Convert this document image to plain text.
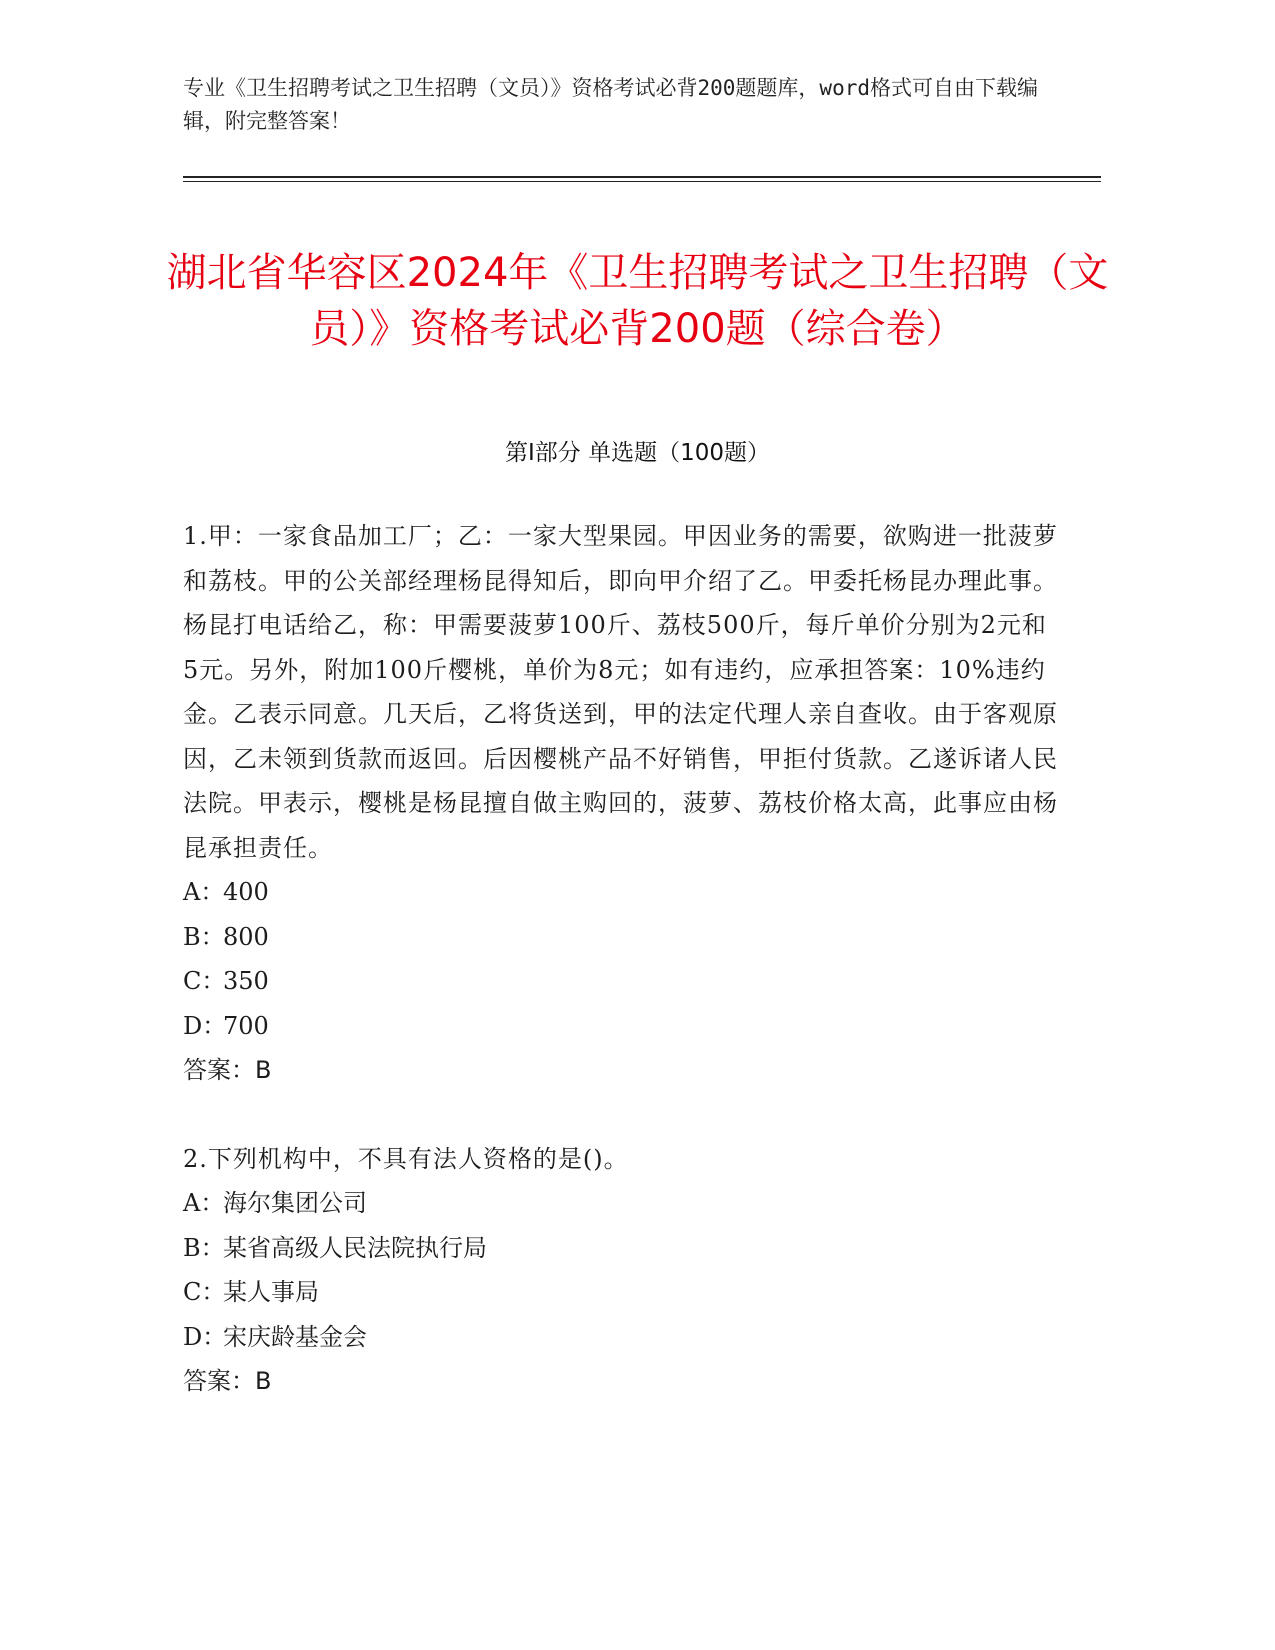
专业《卫生招聘考试之卫生招聘（文员）》资格考试必背200题题库，word格式可自由下载编辑，附完整答案！
湖北省华容区2024年《卫生招聘考试之卫生招聘（文员）》资格考试必背200题（综合卷）
第Ⅰ部分 单选题（100题）

1.甲：一家食品加工厂；乙：一家大型果园。甲因业务的需要，欲购进一批菠萝和荔枝。甲的公关部经理杨昆得知后，即向甲介绍了乙。甲委托杨昆办理此事。杨昆打电话给乙，称：甲需要菠萝100斤、荔枝500斤，每斤单价分别为2元和5元。另外，附加100斤樱桃，单价为8元；如有违约，应承担答案：10%违约金。乙表示同意。几天后，乙将货送到，甲的法定代理人亲自查收。由于客观原因，乙未领到货款而返回。后因樱桃产品不好销售，甲拒付货款。乙遂诉诸人民法院。甲表示，樱桃是杨昆擅自做主购回的，菠萝、荔枝价格太高，此事应由杨昆承担责任。

A：400

B：800

C：350

D：700

答案：B

2.下列机构中，不具有法人资格的是()。

A：海尔集团公司

B：某省高级人民法院执行局

C：某人事局

D：宋庆龄基金会

答案：B
